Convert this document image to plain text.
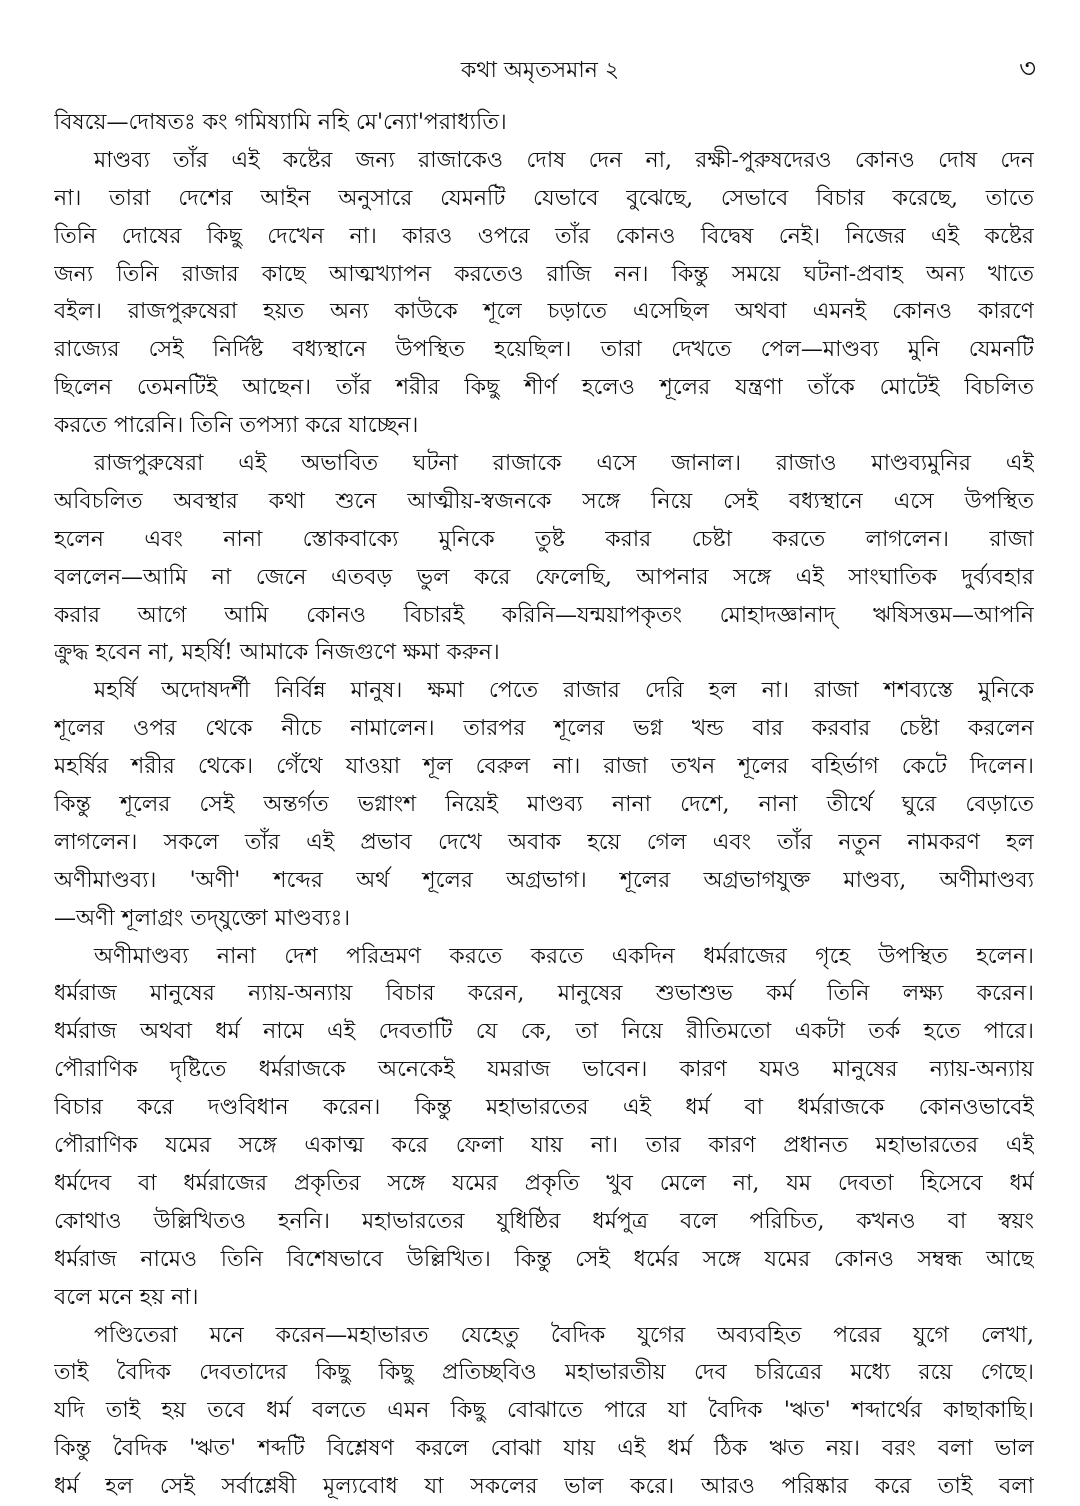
কথা অমৃতসমান ২	৩
বিষয়ে—দোষতঃ কং গমিষ্যামি নহি মে'ন্যো'পরাধ্যতি।
মাণ্ডব্য তাঁর এই কষ্টের জন্য রাজাকেও দোষ দেন না, রক্ষী-পুরুষদেরও কোনও দোষ দেন
না। তারা দেশের আইন অনুসারে যেমনটি যেভাবে বুঝেছে, সেভাবে বিচার করেছে, তাতে
তিনি দোষের কিছু দেখেন না। কারও ওপরে তাঁর কোনও বিদ্বেষ নেই। নিজের এই কষ্টের
জন্য তিনি রাজার কাছে আত্মখ্যাপন করতেও রাজি নন। কিন্তু সময়ে ঘটনা-প্রবাহ অন্য খাতে
বইল। রাজপুরুষেরা হয়ত অন্য কাউকে শূলে চড়াতে এসেছিল অথবা এমনই কোনও কারণে
রাজ্যের সেই নির্দিষ্ট বধ্যস্থানে উপস্থিত হয়েছিল। তারা দেখতে পেল—মাণ্ডব্য মুনি যেমনটি
ছিলেন তেমনটিই আছেন। তাঁর শরীর কিছু শীর্ণ হলেও শূলের যন্ত্রণা তাঁকে মোটেই বিচলিত
করতে পারেনি। তিনি তপস্যা করে যাচ্ছেন।
রাজপুরুষেরা এই অভাবিত ঘটনা রাজাকে এসে জানাল। রাজাও মাণ্ডব্যমুনির এই
অবিচলিত অবস্থার কথা শুনে আত্মীয়-স্বজনকে সঙ্গে নিয়ে সেই বধ্যস্থানে এসে উপস্থিত
হলেন এবং নানা স্তোকবাক্যে মুনিকে তুষ্ট করার চেষ্টা করতে লাগলেন। রাজা
বললেন—আমি না জেনে এতবড় ভুল করে ফেলেছি, আপনার সঙ্গে এই সাংঘাতিক দুর্ব্যবহার
করার আগে আমি কোনও বিচারই করিনি—যন্ময়াপকৃতং মোহাদজ্ঞানাদ্ ঋষিসত্তম—আপনি
ক্রুদ্ধ হবেন না, মহর্ষি! আমাকে নিজগুণে ক্ষমা করুন।
মহর্ষি অদোষদর্শী নির্বিন্ন মানুষ। ক্ষমা পেতে রাজার দেরি হল না। রাজা শশব্যস্তে মুনিকে
শূলের ওপর থেকে নীচে নামালেন। তারপর শূলের ভগ্ন খন্ড বার করবার চেষ্টা করলেন
মহর্ষির শরীর থেকে। গেঁথে যাওয়া শূল বেরুল না। রাজা তখন শূলের বহির্ভাগ কেটে দিলেন।
কিন্তু শূলের সেই অন্তর্গত ভগ্নাংশ নিয়েই মাণ্ডব্য নানা দেশে, নানা তীর্থে ঘুরে বেড়াতে
লাগলেন। সকলে তাঁর এই প্রভাব দেখে অবাক হয়ে গেল এবং তাঁর নতুন নামকরণ হল
অণীমাণ্ডব্য। 'অণী' শব্দের অর্থ শূলের অগ্রভাগ। শূলের অগ্রভাগযুক্ত মাণ্ডব্য, অণীমাণ্ডব্য
—অণী শূলাগ্রং তদ্‌যুক্তো মাণ্ডব্যঃ।
অণীমাণ্ডব্য নানা দেশ পরিভ্রমণ করতে করতে একদিন ধর্মরাজের গৃহে উপস্থিত হলেন।
ধর্মরাজ মানুষের ন্যায়-অন্যায় বিচার করেন, মানুষের শুভাশুভ কর্ম তিনি লক্ষ্য করেন।
ধর্মরাজ অথবা ধর্ম নামে এই দেবতাটি যে কে, তা নিয়ে রীতিমতো একটা তর্ক হতে পারে।
পৌরাণিক দৃষ্টিতে ধর্মরাজকে অনেকেই যমরাজ ভাবেন। কারণ যমও মানুষের ন্যায়-অন্যায়
বিচার করে দণ্ডবিধান করেন। কিন্তু মহাভারতের এই ধর্ম বা ধর্মরাজকে কোনওভাবেই
পৌরাণিক যমের সঙ্গে একাত্ম করে ফেলা যায় না। তার কারণ প্রধানত মহাভারতের এই
ধর্মদেব বা ধর্মরাজের প্রকৃতির সঙ্গে যমের প্রকৃতি খুব মেলে না, যম দেবতা হিসেবে ধর্ম
কোথাও উল্লিখিতও হননি। মহাভারতের যুধিষ্ঠির ধর্মপুত্র বলে পরিচিত, কখনও বা স্বয়ং
ধর্মরাজ নামেও তিনি বিশেষভাবে উল্লিখিত। কিন্তু সেই ধর্মের সঙ্গে যমের কোনও সম্বন্ধ আছে
বলে মনে হয় না।
পণ্ডিতেরা মনে করেন—মহাভারত যেহেতু বৈদিক যুগের অব্যবহিত পরের যুগে লেখা,
তাই বৈদিক দেবতাদের কিছু কিছু প্রতিচ্ছবিও মহাভারতীয় দেব চরিত্রের মধ্যে রয়ে গেছে।
যদি তাই হয় তবে ধর্ম বলতে এমন কিছু বোঝাতে পারে যা বৈদিক 'ঋত' শব্দার্থের কাছাকাছি।
কিন্তু বৈদিক 'ঋত' শব্দটি বিশ্লেষণ করলে বোঝা যায় এই ধর্ম ঠিক ঋত নয়। বরং বলা ভাল
ধর্ম হল সেই সর্বাশ্লেষী মূল্যবোধ যা সকলের ভাল করে। আরও পরিষ্কার করে তাই বলা
